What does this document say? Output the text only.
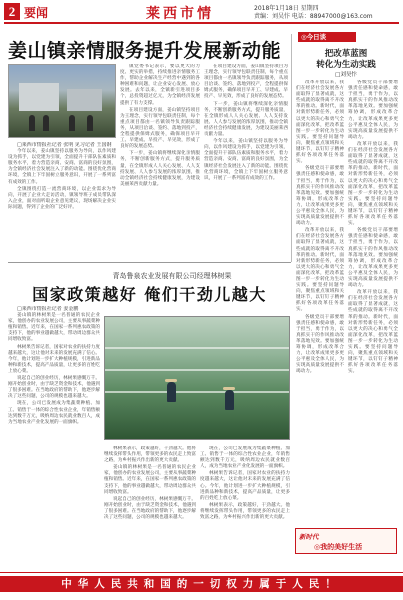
2 要闻	莱西市情	2018年1月18日 星期四
责编：刘吴忭 电话：88947000@163.com
姜山镇亲情服务提升发展新动能

□莱西市情报社记者 张明 见习记者 王国钢

今年以来，姜山镇坚持以服务为导向，以作风建设为抓手，以党建为引领，全面提升干部队伍素质和服务水平，着力营造亲商、安商、富商的良好氛围，为全镇经济社会发展注入了新的动能。围绕优化营商环境，全镇上下牢固树立服务意识，开展了一系列富有成效的工作。

全镇围绕打造一流营商环境，以企业需求为导向，开展了企业大走访活动，镇领导班子成员带队深入企业，面对面听取企业意见建议，现场解决企业实际问题，得到了企业的广泛好评。

镇党委书记表示，要以更大的力度、更实的举措，持续推进亲情服务工作，帮助企业解决生产经营中遇到的各种困难和问题，让企业安心发展、放心发展。去年以来，全镇新引进项目多个，总投资超过亿元，为全镇经济发展提供了有力支撑。

在项目建设方面，姜山镇坚持项目为王理念，实行领导包联责任制，每个重点项目都由一名镇领导负责跟踪服务，从项目洽谈、签约、落地到投产，全程提供保姆式服务，确保项目早开工、早建成、早投产、早见效，形成了良好的发展态势。

下一步，姜山镇将继续深化亲情服务，不断创新服务方式，提升服务质量，在全镇形成人人关心发展、人人支持发展、人人参与发展的浓厚氛围，推动全镇经济社会持续健康发展，为建设美丽莱西贡献力量。

在项目建设方面，姜山镇坚持项目为王理念，实行领导包联责任制，每个重点项目都由一名镇领导负责跟踪服务，从项目洽谈、签约、落地到投产，全程提供保姆式服务，确保项目早开工、早建成、早投产、早见效，形成了良好的发展态势。

下一步，姜山镇将继续深化亲情服务，不断创新服务方式，提升服务质量，在全镇形成人人关心发展、人人支持发展、人人参与发展的浓厚氛围，推动全镇经济社会持续健康发展，为建设美丽莱西贡献力量。

今年以来，姜山镇坚持以服务为导向，以作风建设为抓手，以党建为引领，全面提升干部队伍素质和服务水平，着力营造亲商、安商、富商的良好氛围，为全镇经济社会发展注入了新的动能。围绕优化营商环境，全镇上下牢固树立服务意识，开展了一系列富有成效的工作。

◎今日谈
把改革蓝图
转化为生动实践
□刘昊忭

改革开放以来，我们在经济社会发展各方面取得了显著成就，这些成就的取得离不开改革的推动。新时代，面对新形势新任务，必须以更大的决心和勇气全面深化改革，把改革蓝图一步一步转化为生动实践。要坚持问题导向，聚焦重点领域和关键环节，以钉钉子精神抓好各项改革任务落实。

各级党员干部要增强责任感和使命感，敢于担当，勇于作为，以真抓实干的作风推动改革落地见效。要加强统筹协调，形成改革合力，让改革成果更多更公平惠及全体人民，为实现高质量发展提供不竭动力。

改革开放以来，我们在经济社会发展各方面取得了显著成就，这些成就的取得离不开改革的推动。新时代，面对新形势新任务，必须以更大的决心和勇气全面深化改革，把改革蓝图一步一步转化为生动实践。要坚持问题导向，聚焦重点领域和关键环节，以钉钉子精神抓好各项改革任务落实。

各级党员干部要增强责任感和使命感，敢于担当，勇于作为，以真抓实干的作风推动改革落地见效。要加强统筹协调，形成改革合力，让改革成果更多更公平惠及全体人民，为实现高质量发展提供不竭动力。

各级党员干部要增强责任感和使命感，敢于担当，勇于作为，以真抓实干的作风推动改革落地见效。要加强统筹协调，形成改革合力，让改革成果更多更公平惠及全体人民，为实现高质量发展提供不竭动力。

改革开放以来，我们在经济社会发展各方面取得了显著成就，这些成就的取得离不开改革的推动。新时代，面对新形势新任务，必须以更大的决心和勇气全面深化改革，把改革蓝图一步一步转化为生动实践。要坚持问题导向，聚焦重点领域和关键环节，以钉钉子精神抓好各项改革任务落实。

各级党员干部要增强责任感和使命感，敢于担当，勇于作为，以真抓实干的作风推动改革落地见效。要加强统筹协调，形成改革合力，让改革成果更多更公平惠及全体人民，为实现高质量发展提供不竭动力。

改革开放以来，我们在经济社会发展各方面取得了显著成就，这些成就的取得离不开改革的推动。新时代，面对新形势新任务，必须以更大的决心和勇气全面深化改革，把改革蓝图一步一步转化为生动实践。要坚持问题导向，聚焦重点领域和关键环节，以钉钉子精神抓好各项改革任务落实。

青岛鲁泉农业发展有限公司经理林树果
国家政策越好 俺们干劲儿越大

□莱西市情报社记者 姜金鹏

姜山镇的林树果是一名普通的农民企业家，他创办的农业发展公司，主要从事蔬菜种植和销售。近年来，在国家一系列惠农政策的支持下，他的事业越做越大，带动周边群众共同增收致富。

林树果告诉记者，国家对农业的扶持力度越来越大，这让他对未来的发展充满了信心。今年，他计划进一步扩大种植规模，引进新品种和新技术，提高产品质量，让更多的百姓吃上放心菜。

说起自己的创业经历，林树果感慨万千。刚开始创业时，由于缺乏资金和技术，他遇到了很多困难。在当地政府的帮助下，他逐步解决了这些问题，公司的规模也越来越大。

现在，公司已发展成为集蔬菜种植、加工、销售于一体的综合性农业企业，年销售额达到数千万元，吸纳周边农民就业数百人，成为当地农业产业化发展的一面旗帜。

林树果表示，政策越好，干劲越大。他将继续发挥带头作用，带领更多的农民走上致富之路，为乡村振兴作出新的更大贡献。

姜山镇的林树果是一名普通的农民企业家，他创办的农业发展公司，主要从事蔬菜种植和销售。近年来，在国家一系列惠农政策的支持下，他的事业越做越大，带动周边群众共同增收致富。

说起自己的创业经历，林树果感慨万千。刚开始创业时，由于缺乏资金和技术，他遇到了很多困难。在当地政府的帮助下，他逐步解决了这些问题，公司的规模也越来越大。

现在，公司已发展成为集蔬菜种植、加工、销售于一体的综合性农业企业，年销售额达到数千万元，吸纳周边农民就业数百人，成为当地农业产业化发展的一面旗帜。

林树果告诉记者，国家对农业的扶持力度越来越大，这让他对未来的发展充满了信心。今年，他计划进一步扩大种植规模，引进新品种和新技术，提高产品质量，让更多的百姓吃上放心菜。

林树果表示，政策越好，干劲越大。他将继续发挥带头作用，带领更多的农民走上致富之路，为乡村振兴作出新的更大贡献。

新时代
◎我的美好生活
中华人民共和国的一切权力属于人民！
